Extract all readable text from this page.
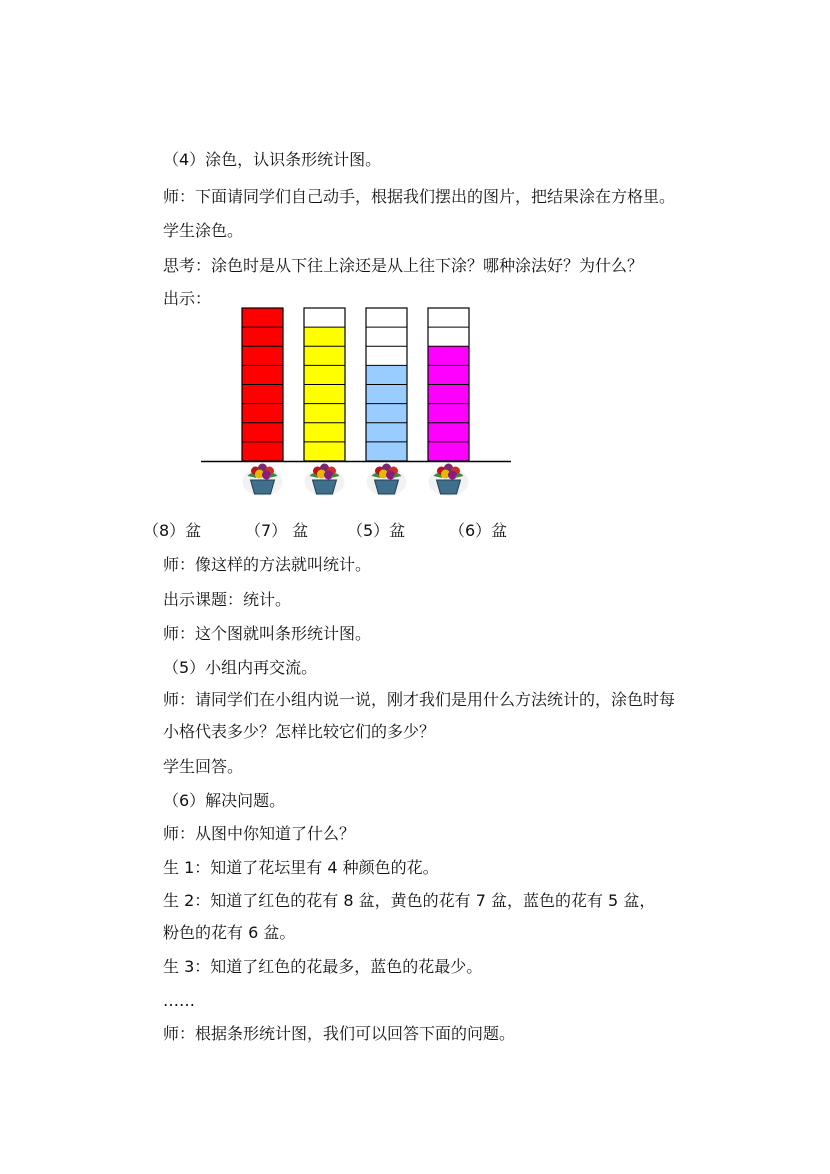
（4）涂色，认识条形统计图。
师：下面请同学们自己动手，根据我们摆出的图片，把结果涂在方格里。
学生涂色。
思考：涂色时是从下往上涂还是从上往下涂？哪种涂法好？为什么？
出示：
（8）盆	（7） 盆 （5）盆	（6）盆
师：像这样的方法就叫统计。
出示课题：统计。
师：这个图就叫条形统计图。
（5）小组内再交流。
师：请同学们在小组内说一说，刚才我们是用什么方法统计的，涂色时每
小格代表多少？怎样比较它们的多少？
学生回答。
（6）解决问题。
师：从图中你知道了什么？
生 1：知道了花坛里有 4 种颜色的花。
生 2：知道了红色的花有 8 盆，黄色的花有 7 盆，蓝色的花有 5 盆，
粉色的花有 6 盆。
生 3：知道了红色的花最多，蓝色的花最少。
……
师：根据条形统计图，我们可以回答下面的问题。
